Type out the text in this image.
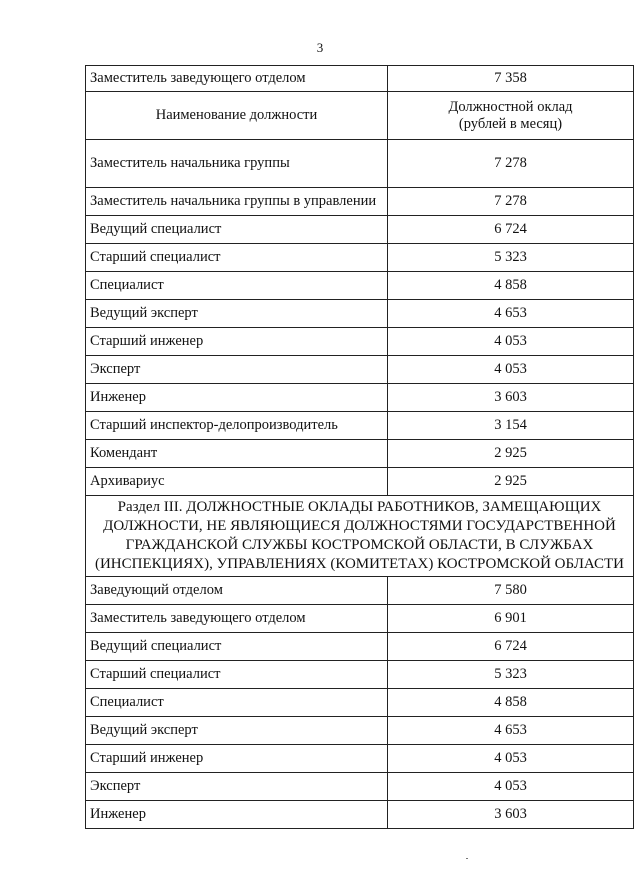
3
Заместитель заведующего отделом	7 358
Наименование должности	Должностной оклад
(рублей в месяц)

Заместитель начальника группы	7 278
Заместитель начальника группы в управлении	7 278
Ведущий специалист	6 724
Старший специалист	5 323
Специалист	4 858
Ведущий эксперт	4 653
Старший инженер	4 053
Эксперт	4 053
Инженер	3 603
Старший инспектор-делопроизводитель	3 154
Комендант	2 925
Архивариус	2 925
Раздел III. ДОЛЖНОСТНЫЕ ОКЛАДЫ РАБОТНИКОВ, ЗАМЕЩАЮЩИХ ДОЛЖНОСТИ, НЕ ЯВЛЯЮЩИЕСЯ ДОЛЖНОСТЯМИ ГОСУДАРСТВЕННОЙ ГРАЖДАНСКОЙ СЛУЖБЫ КОСТРОМСКОЙ ОБЛАСТИ, В СЛУЖБАХ (ИНСПЕКЦИЯХ), УПРАВЛЕНИЯХ (КОМИТЕТАХ) КОСТРОМСКОЙ ОБЛАСТИ	
Заведующий отделом	7 580
Заместитель заведующего отделом	6 901
Ведущий специалист	6 724
Старший специалист	5 323
Специалист	4 858
Ведущий эксперт	4 653
Старший инженер	4 053
Эксперт	4 053
Инженер	3 603
